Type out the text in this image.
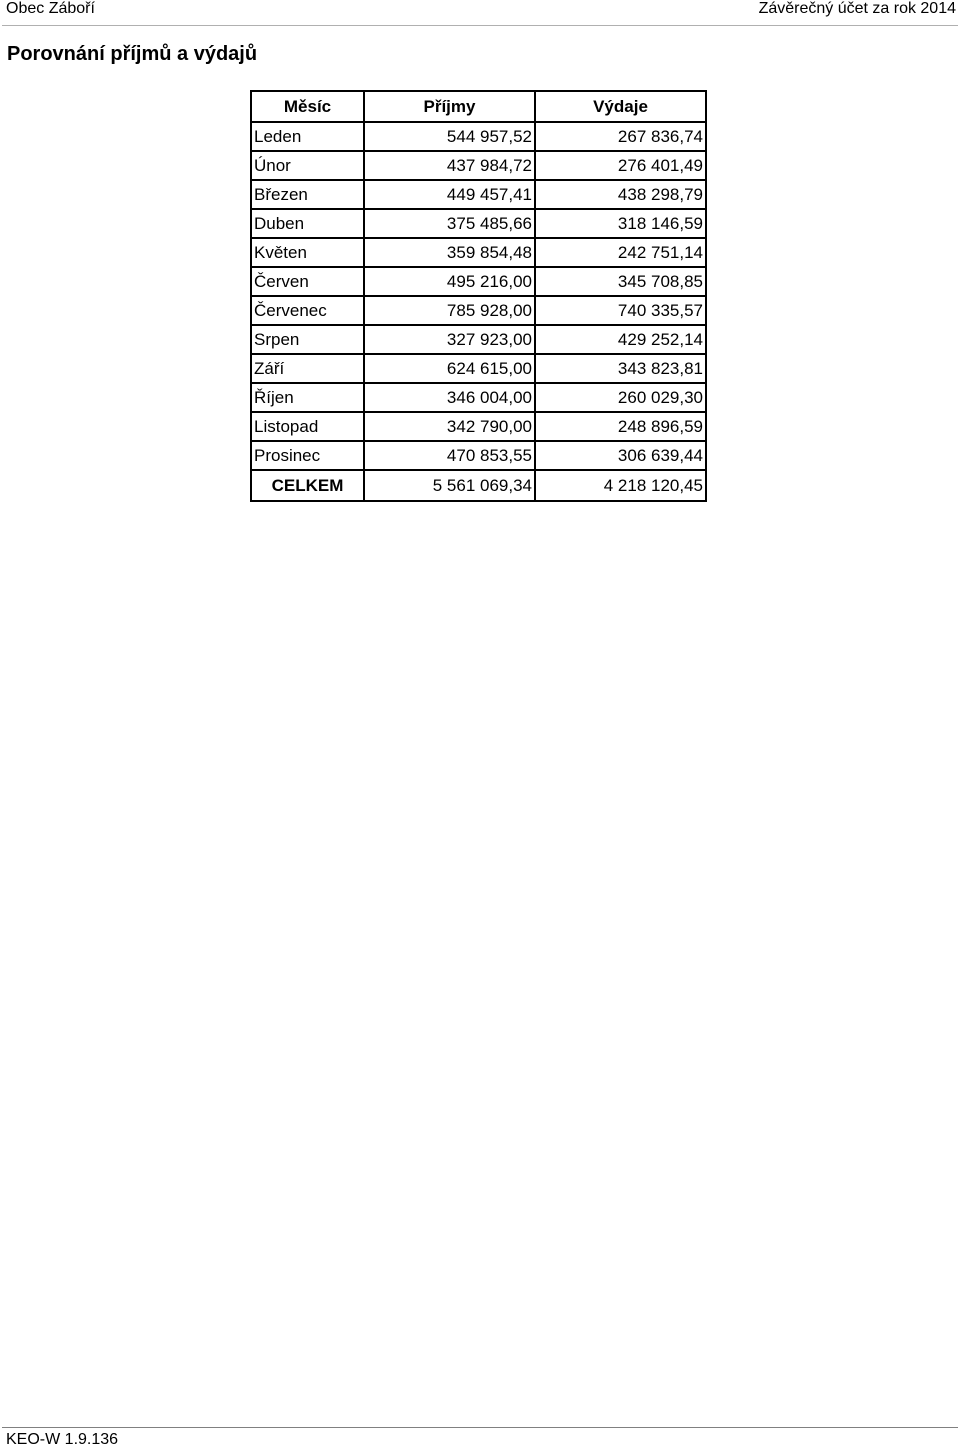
Obec Záboří	Závěrečný účet za rok 2014
Porovnání příjmů a výdajů
Měsíc	Příjmy	Výdaje
Leden	544 957,52	267 836,74
Únor	437 984,72	276 401,49
Březen	449 457,41	438 298,79
Duben	375 485,66	318 146,59
Květen	359 854,48	242 751,14
Červen	495 216,00	345 708,85
Červenec	785 928,00	740 335,57
Srpen	327 923,00	429 252,14
Září	624 615,00	343 823,81
Říjen	346 004,00	260 029,30
Listopad	342 790,00	248 896,59
Prosinec	470 853,55	306 639,44
CELKEM	5 561 069,34	4 218 120,45
KEO-W 1.9.136
